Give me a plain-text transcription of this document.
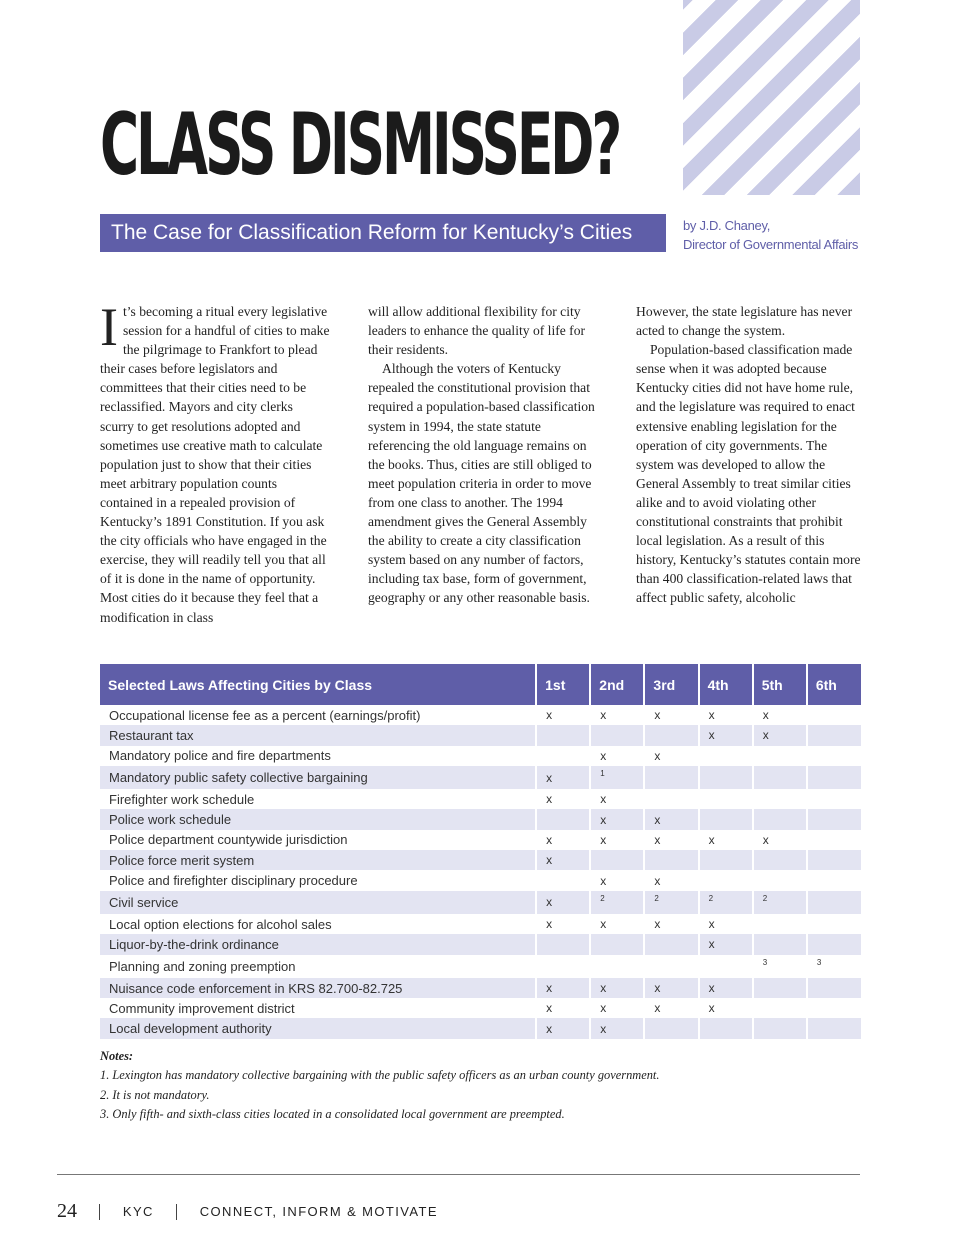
CLASS DISMISSED?
The Case for Classification Reform for Kentucky’s Cities	by J.D. Chaney,
Director of Governmental Affairs
I t’s becoming a ritual every legislative session for a handful of cities to make the pilgrimage to Frankfort to plead their cases before legislators and committees that their cities need to be reclassified. Mayors and city clerks scurry to get resolutions adopted and sometimes use creative math to calculate population just to show that their cities meet arbitrary population counts contained in a repealed provision of Kentucky’s 1891 Constitution. If you ask the city officials who have engaged in the exercise, they will readily tell you that all of it is done in the name of opportunity. Most cities do it because they feel that a modification in class

will allow additional flexibility for city leaders to enhance the quality of life for their residents.

Although the voters of Kentucky repealed the constitutional provision that required a population-based classification system in 1994, the state statute referencing the old language remains on the books. Thus, cities are still obliged to meet population criteria in order to move from one class to another. The 1994 amendment gives the General Assembly the ability to create a city classification system based on any number of factors, including tax base, form of government, geography or any other reasonable basis.

However, the state legislature has never acted to change the system.

Population-based classification made sense when it was adopted because Kentucky cities did not have home rule, and the legislature was required to enact extensive enabling legislation for the operation of city governments. The system was developed to allow the General Assembly to treat similar cities alike and to avoid violating other constitutional constraints that prohibit local legislation. As a result of this history, Kentucky’s statutes contain more than 400 classification-related laws that affect public safety, alcoholic

Selected Laws Affecting Cities by Class	1st	2nd	3rd	4th	5th	6th
Occupational license fee as a percent (earnings/profit)	x	x	x	x	x	
Restaurant tax				x	x	
Mandatory police and fire departments		x	x			
Mandatory public safety collective bargaining	x	1				
Firefighter work schedule	x	x				
Police work schedule		x	x			
Police department countywide jurisdiction	x	x	x	x	x	
Police force merit system	x					
Police and firefighter disciplinary procedure		x	x			
Civil service	x	2	2	2	2	
Local option elections for alcohol sales	x	x	x	x		
Liquor-by-the-drink ordinance				x		
Planning and zoning preemption					3	3
Nuisance code enforcement in KRS 82.700-82.725	x	x	x	x		
Community improvement district	x	x	x	x		
Local development authority	x	x				
Notes:
1. Lexington has mandatory collective bargaining with the public safety officers as an urban county government.
2. It is not mandatory.
3. Only fifth- and sixth-class cities located in a consolidated local government are preempted.
24	KYC	CONNECT, INFORM & MOTIVATE
